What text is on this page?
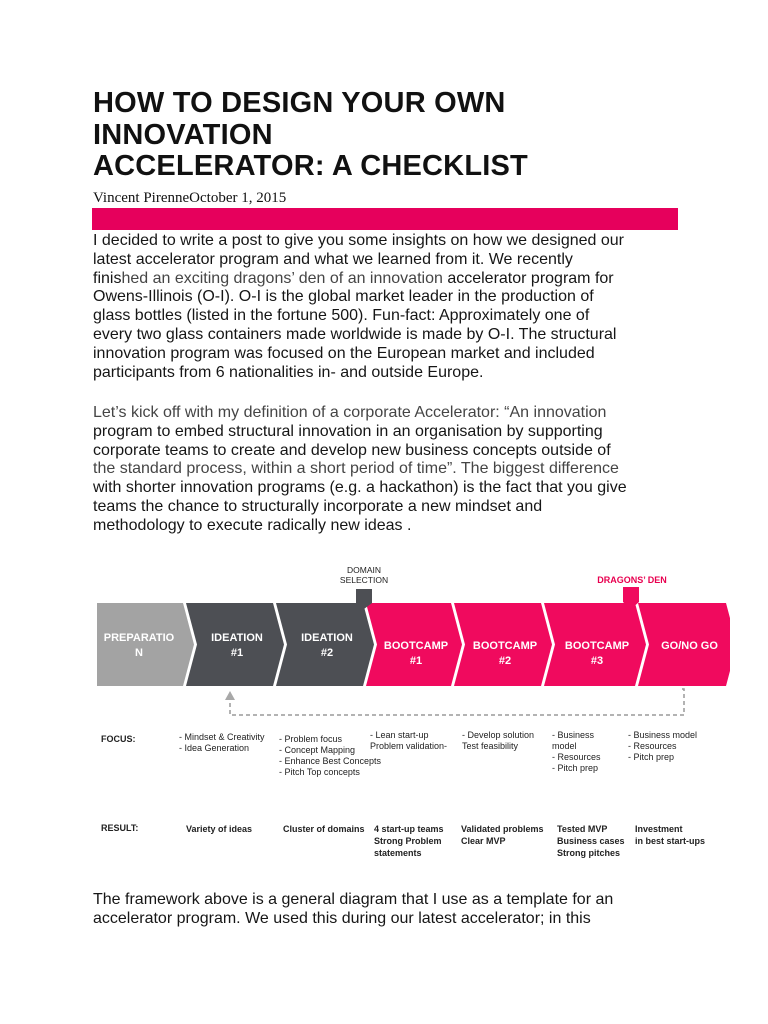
HOW TO DESIGN YOUR OWN
INNOVATION
ACCELERATOR: A CHECKLIST
Vincent PirenneOctober 1, 2015
I decided to write a post to give you some insights on how we designed our
latest accelerator program and what we learned from it. We recently
finished an exciting dragons’ den of an innovation accelerator program for
Owens-Illinois (O-I). O-I is the global market leader in the production of
glass bottles (listed in the fortune 500). Fun-fact: Approximately one of
every two glass containers made worldwide is made by O-I. The structural
innovation program was focused on the European market and included
participants from 6 nationalities in- and outside Europe.
Let’s kick off with my definition of a corporate Accelerator: “An innovation
program to embed structural innovation in an organisation by supporting
corporate teams to create and develop new business concepts outside of
the standard process, within a short period of time”. The biggest difference
with shorter innovation programs (e.g. a hackathon) is the fact that you give
teams the chance to structurally incorporate a new mindset and
methodology to execute radically new ideas .
PREPARATIO
N
IDEATION
#1
IDEATION
#2
BOOTCAMP
#1
BOOTCAMP
#2
BOOTCAMP
#3
GO/NO GO
DOMAIN
SELECTION	DRAGONS’ DEN
FOCUS:
RESULT:
- Mindset & Creativity
- Idea Generation
- Problem focus
- Concept Mapping
- Enhance Best Concepts
- Pitch Top concepts
- Lean start-up
Problem validation-
- Develop solution
Test feasibility
- Business
model
- Resources
- Pitch prep
- Business model
- Resources
- Pitch prep
Variety of ideas	Cluster of domains 4 start-up teams
Strong Problem
statements
Validated problems
Clear MVP
Tested MVP
Business cases
Strong pitches
Investment
in best start-ups
The framework above is a general diagram that I use as a template for an
accelerator program. We used this during our latest accelerator; in this
